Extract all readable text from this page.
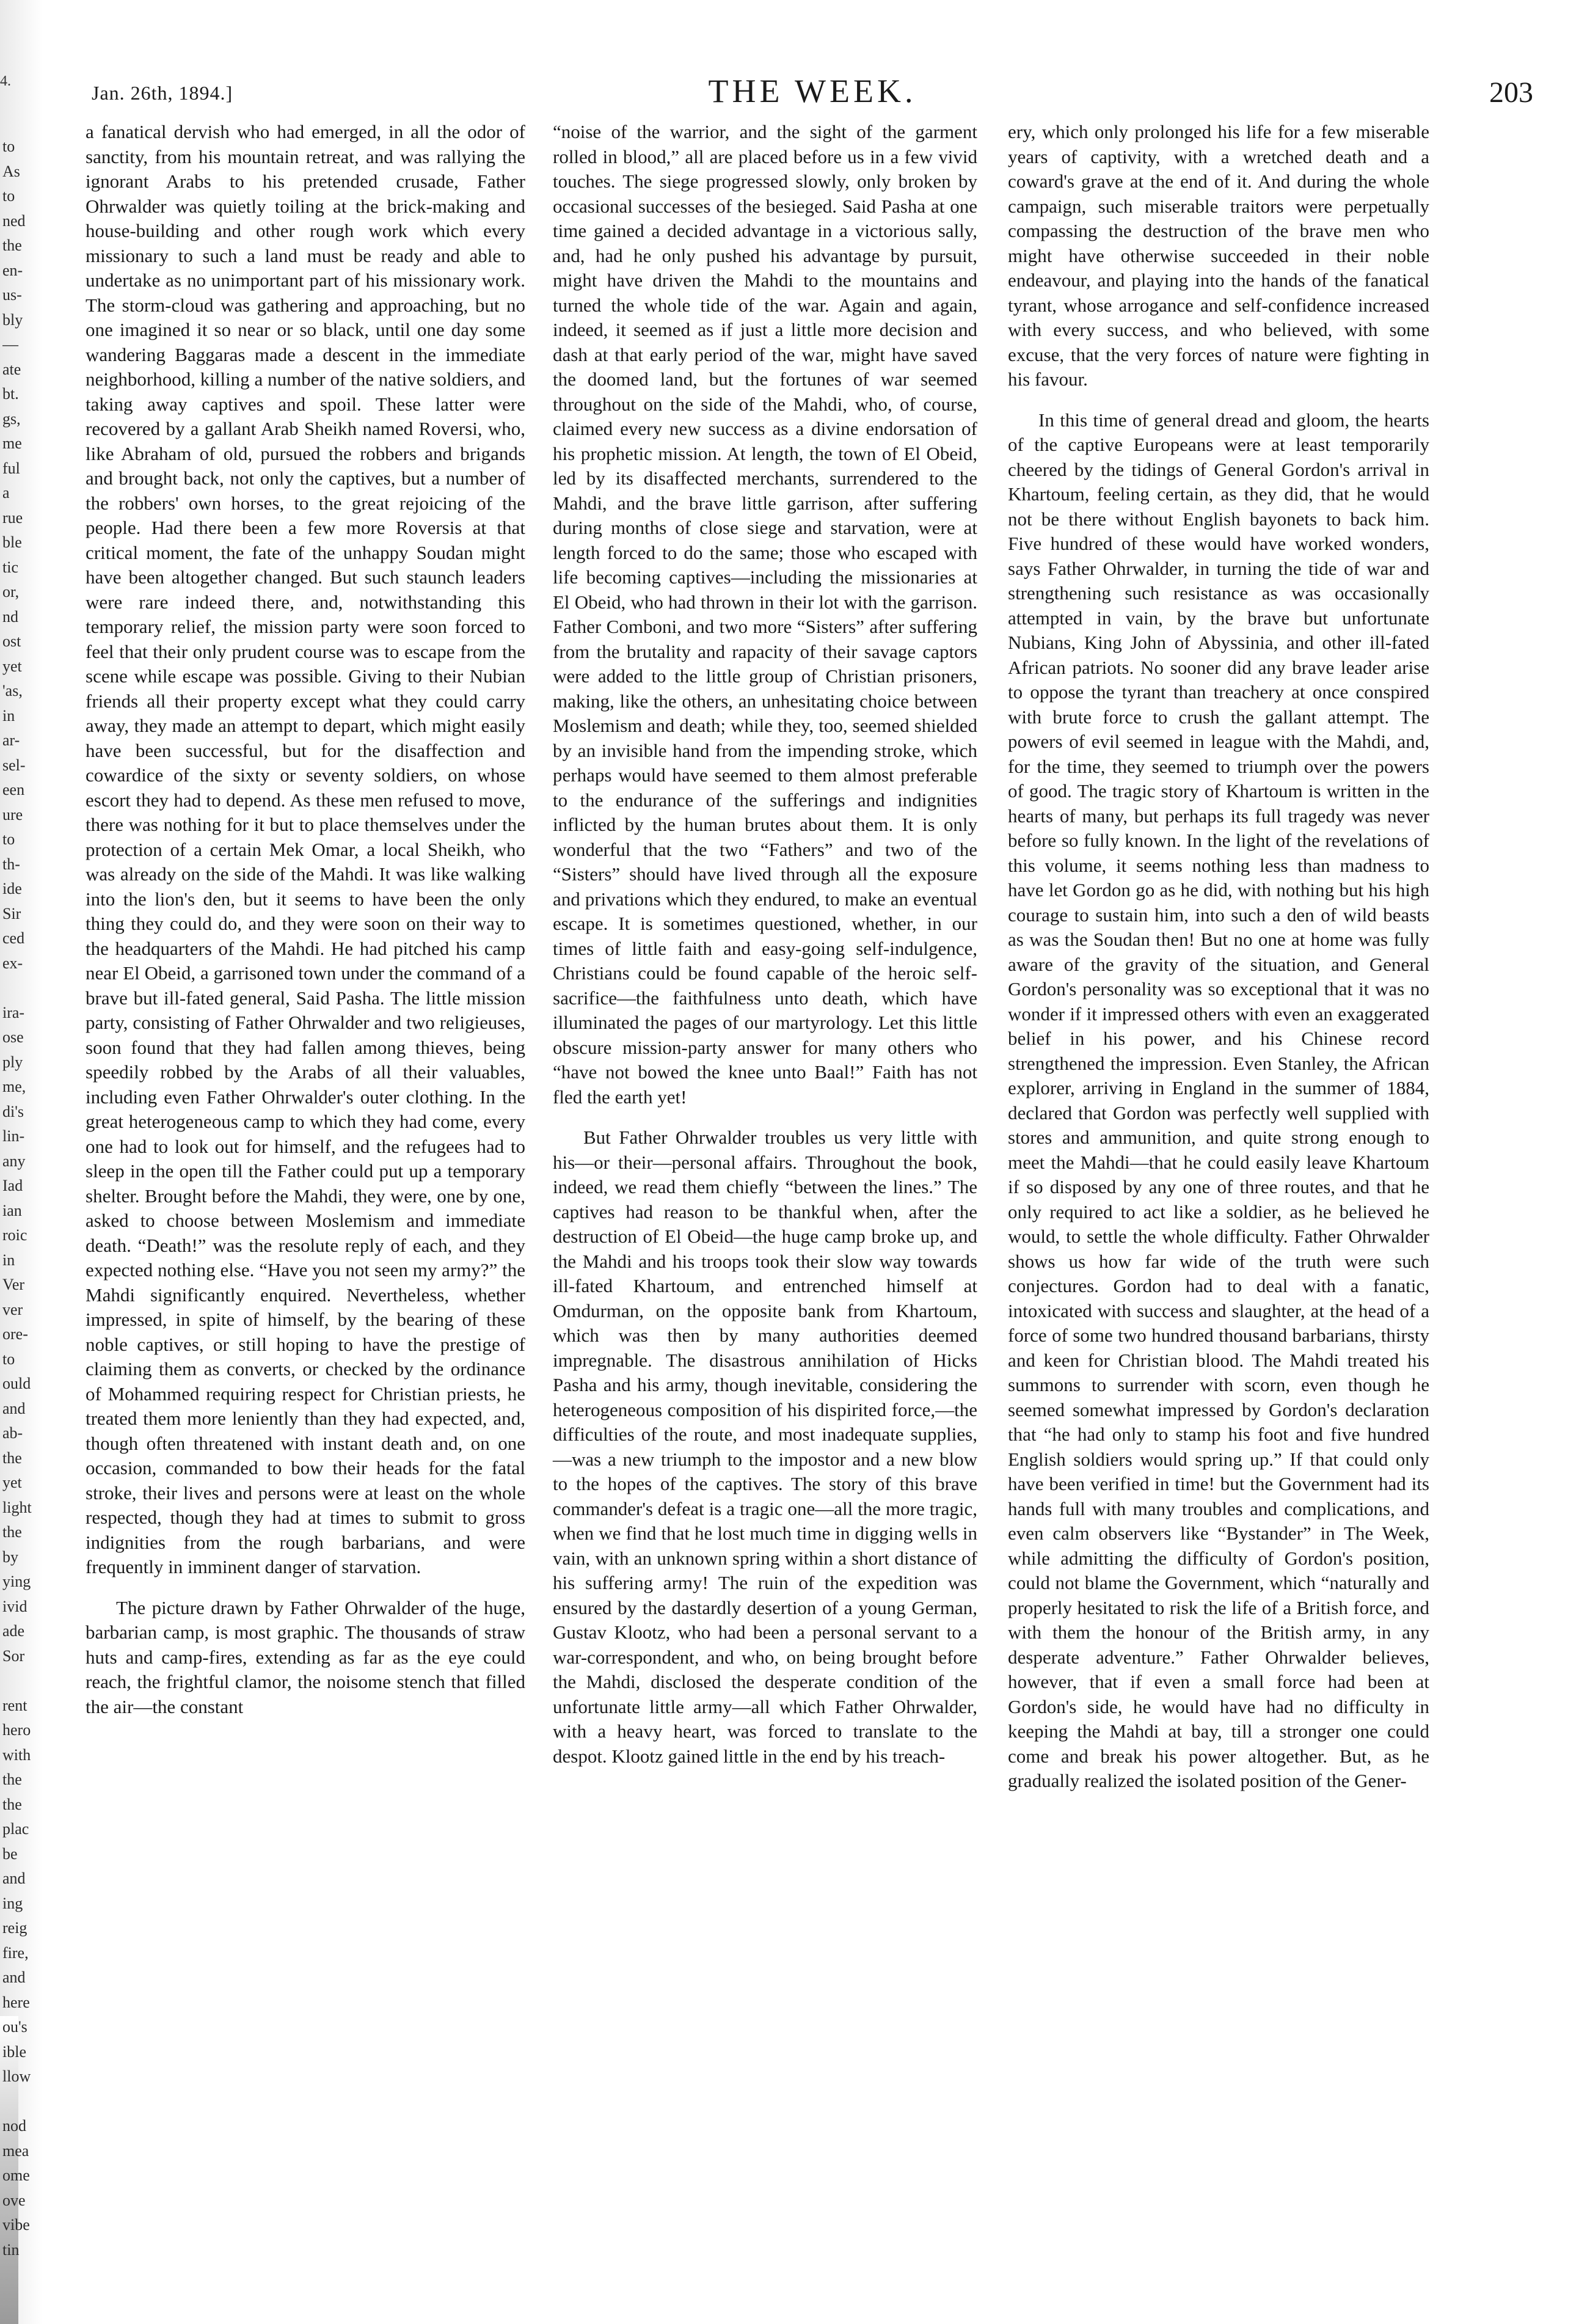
4.
to
As
to
ned
the
en-
us-
bly
—
ate
bt.
gs,
me
ful
a
rue
ble
tic
or,
nd
ost
yet
'as,
in
ar-
sel-
een
ure
to
th-
ide
Sir
ced
ex-

ira-
ose
ply
me,
di's
lin-
any
Iad
ian
roic
in
Ver
ver
ore-
to
ould
and
ab-
the
yet
light
the
by
ying
ivid
ade
Sor

rent
hero
with
the
the
plac
be
and
ing
reig
fire,
and
here
ou's
ible
llow

nod
mea
ome
ove
vibe
tin
Jan. 26th, 1894.]	THE WEEK.	203

a fanatical dervish who had emerged, in all the odor of sanctity, from his mountain retreat, and was rallying the ignorant Arabs to his pretended crusade, Father Ohrwalder was quietly toiling at the brick-making and house-building and other rough work which every missionary to such a land must be ready and able to undertake as no unimportant part of his missionary work. The storm-cloud was gathering and approaching, but no one imagined it so near or so black, until one day some wandering Baggaras made a descent in the immediate neighborhood, killing a number of the native soldiers, and taking away captives and spoil. These latter were recovered by a gallant Arab Sheikh named Roversi, who, like Abraham of old, pursued the robbers and brigands and brought back, not only the captives, but a number of the robbers' own horses, to the great rejoicing of the people. Had there been a few more Roversis at that critical moment, the fate of the unhappy Soudan might have been altogether changed. But such staunch leaders were rare indeed there, and, notwithstanding this temporary relief, the mission party were soon forced to feel that their only prudent course was to escape from the scene while escape was possible. Giving to their Nubian friends all their property except what they could carry away, they made an attempt to depart, which might easily have been successful, but for the disaffection and cowardice of the sixty or seventy soldiers, on whose escort they had to depend. As these men refused to move, there was nothing for it but to place themselves under the protection of a certain Mek Omar, a local Sheikh, who was already on the side of the Mahdi. It was like walking into the lion's den, but it seems to have been the only thing they could do, and they were soon on their way to the headquarters of the Mahdi. He had pitched his camp near El Obeid, a garrisoned town under the command of a brave but ill-fated general, Said Pasha. The little mission party, consisting of Father Ohrwalder and two religieuses, soon found that they had fallen among thieves, being speedily robbed by the Arabs of all their valuables, including even Father Ohrwalder's outer clothing. In the great heterogeneous camp to which they had come, every one had to look out for himself, and the refugees had to sleep in the open till the Father could put up a temporary shelter. Brought before the Mahdi, they were, one by one, asked to choose between Moslemism and immediate death. “Death!” was the resolute reply of each, and they expected nothing else. “Have you not seen my army?” the Mahdi significantly enquired. Nevertheless, whether impressed, in spite of himself, by the bearing of these noble captives, or still hoping to have the prestige of claiming them as converts, or checked by the ordinance of Mohammed requiring respect for Christian priests, he treated them more leniently than they had expected, and, though often threatened with instant death and, on one occasion, commanded to bow their heads for the fatal stroke, their lives and persons were at least on the whole respected, though they had at times to submit to gross indignities from the rough barbarians, and were frequently in imminent danger of starvation.

The picture drawn by Father Ohrwalder of the huge, barbarian camp, is most graphic. The thousands of straw huts and camp-fires, extending as far as the eye could reach, the frightful clamor, the noisome stench that filled the air—the constant

“noise of the warrior, and the sight of the garment rolled in blood,” all are placed before us in a few vivid touches. The siege progressed slowly, only broken by occasional successes of the besieged. Said Pasha at one time gained a decided advantage in a victorious sally, and, had he only pushed his advantage by pursuit, might have driven the Mahdi to the mountains and turned the whole tide of the war. Again and again, indeed, it seemed as if just a little more decision and dash at that early period of the war, might have saved the doomed land, but the fortunes of war seemed throughout on the side of the Mahdi, who, of course, claimed every new success as a divine endorsation of his prophetic mission. At length, the town of El Obeid, led by its disaffected merchants, surrendered to the Mahdi, and the brave little garrison, after suffering during months of close siege and starvation, were at length forced to do the same; those who escaped with life becoming captives—including the missionaries at El Obeid, who had thrown in their lot with the garrison. Father Comboni, and two more “Sisters” after suffering from the brutality and rapacity of their savage captors were added to the little group of Christian prisoners, making, like the others, an unhesitating choice between Moslemism and death; while they, too, seemed shielded by an invisible hand from the impending stroke, which perhaps would have seemed to them almost preferable to the endurance of the sufferings and indignities inflicted by the human brutes about them. It is only wonderful that the two “Fathers” and two of the “Sisters” should have lived through all the exposure and privations which they endured, to make an eventual escape. It is sometimes questioned, whether, in our times of little faith and easy-going self-indulgence, Christians could be found capable of the heroic self-sacrifice—the faithfulness unto death, which have illuminated the pages of our martyrology. Let this little obscure mission-party answer for many others who “have not bowed the knee unto Baal!” Faith has not fled the earth yet!

But Father Ohrwalder troubles us very little with his—or their—personal affairs. Throughout the book, indeed, we read them chiefly “between the lines.” The captives had reason to be thankful when, after the destruction of El Obeid—the huge camp broke up, and the Mahdi and his troops took their slow way towards ill-fated Khartoum, and entrenched himself at Omdurman, on the opposite bank from Khartoum, which was then by many authorities deemed impregnable. The disastrous annihilation of Hicks Pasha and his army, though inevitable, considering the heterogeneous composition of his dispirited force,—the difficulties of the route, and most inadequate supplies,—was a new triumph to the impostor and a new blow to the hopes of the captives. The story of this brave commander's defeat is a tragic one—all the more tragic, when we find that he lost much time in digging wells in vain, with an unknown spring within a short distance of his suffering army! The ruin of the expedition was ensured by the dastardly desertion of a young German, Gustav Klootz, who had been a personal servant to a war-correspondent, and who, on being brought before the Mahdi, disclosed the desperate condition of the unfortunate little army—all which Father Ohrwalder, with a heavy heart, was forced to translate to the despot. Klootz gained little in the end by his treach-

ery, which only prolonged his life for a few miserable years of captivity, with a wretched death and a coward's grave at the end of it. And during the whole campaign, such miserable traitors were perpetually compassing the destruction of the brave men who might have otherwise succeeded in their noble endeavour, and playing into the hands of the fanatical tyrant, whose arrogance and self-confidence increased with every success, and who believed, with some excuse, that the very forces of nature were fighting in his favour.

In this time of general dread and gloom, the hearts of the captive Europeans were at least temporarily cheered by the tidings of General Gordon's arrival in Khartoum, feeling certain, as they did, that he would not be there without English bayonets to back him. Five hundred of these would have worked wonders, says Father Ohrwalder, in turning the tide of war and strengthening such resistance as was occasionally attempted in vain, by the brave but unfortunate Nubians, King John of Abyssinia, and other ill-fated African patriots. No sooner did any brave leader arise to oppose the tyrant than treachery at once conspired with brute force to crush the gallant attempt. The powers of evil seemed in league with the Mahdi, and, for the time, they seemed to triumph over the powers of good. The tragic story of Khartoum is written in the hearts of many, but perhaps its full tragedy was never before so fully known. In the light of the revelations of this volume, it seems nothing less than madness to have let Gordon go as he did, with nothing but his high courage to sustain him, into such a den of wild beasts as was the Soudan then! But no one at home was fully aware of the gravity of the situation, and General Gordon's personality was so exceptional that it was no wonder if it impressed others with even an exaggerated belief in his power, and his Chinese record strengthened the impression. Even Stanley, the African explorer, arriving in England in the summer of 1884, declared that Gordon was perfectly well supplied with stores and ammunition, and quite strong enough to meet the Mahdi—that he could easily leave Khartoum if so disposed by any one of three routes, and that he only required to act like a soldier, as he believed he would, to settle the whole difficulty. Father Ohrwalder shows us how far wide of the truth were such conjectures. Gordon had to deal with a fanatic, intoxicated with success and slaughter, at the head of a force of some two hundred thousand barbarians, thirsty and keen for Christian blood. The Mahdi treated his summons to surrender with scorn, even though he seemed somewhat impressed by Gordon's declaration that “he had only to stamp his foot and five hundred English soldiers would spring up.” If that could only have been verified in time! but the Government had its hands full with many troubles and complications, and even calm observers like “Bystander” in The Week, while admitting the difficulty of Gordon's position, could not blame the Government, which “naturally and properly hesitated to risk the life of a British force, and with them the honour of the British army, in any desperate adventure.” Father Ohrwalder believes, however, that if even a small force had been at Gordon's side, he would have had no difficulty in keeping the Mahdi at bay, till a stronger one could come and break his power altogether. But, as he gradually realized the isolated position of the Gener-
